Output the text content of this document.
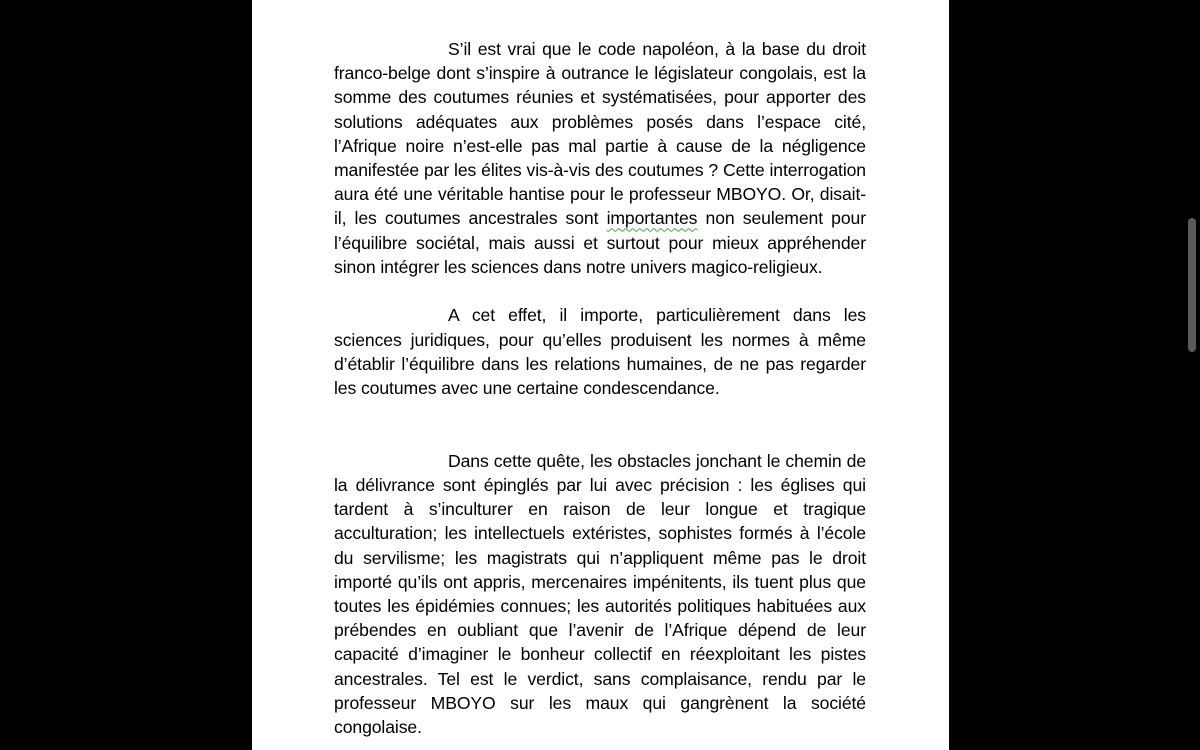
S’il est vrai que le code napoléon, à la base du droit franco-belge dont s’inspire à outrance le législateur congolais, est la somme des coutumes réunies et systématisées, pour apporter des solutions adéquates aux problèmes posés dans l’espace cité, l’Afrique noire n’est-elle pas mal partie à cause de la négligence manifestée par les élites vis-à-vis des coutumes ? Cette interrogation aura été une véritable hantise pour le professeur MBOYO. Or, disait-il, les coutumes ancestrales sont importantes non seulement pour l’équilibre sociétal, mais aussi et surtout pour mieux appréhender sinon intégrer les sciences dans notre univers magico-religieux.

A cet effet, il importe, particulièrement dans les sciences juridiques, pour qu’elles produisent les normes à même d’établir l’équilibre dans les relations humaines, de ne pas regarder les coutumes avec une certaine condescendance.

Dans cette quête, les obstacles jonchant le chemin de la délivrance sont épinglés par lui avec précision : les églises qui tardent à s’inculturer en raison de leur longue et tragique acculturation; les intellectuels extéristes, sophistes formés à l’école du servilisme; les magistrats qui n’appliquent même pas le droit importé qu’ils ont appris, mercenaires impénitents, ils tuent plus que toutes les épidémies connues; les autorités politiques habituées aux prébendes en oubliant que l’avenir de l’Afrique dépend de leur capacité d’imaginer le bonheur collectif en réexploitant les pistes ancestrales. Tel est le verdict, sans complaisance, rendu par le professeur MBOYO sur les maux qui gangrènent la société congolaise.
